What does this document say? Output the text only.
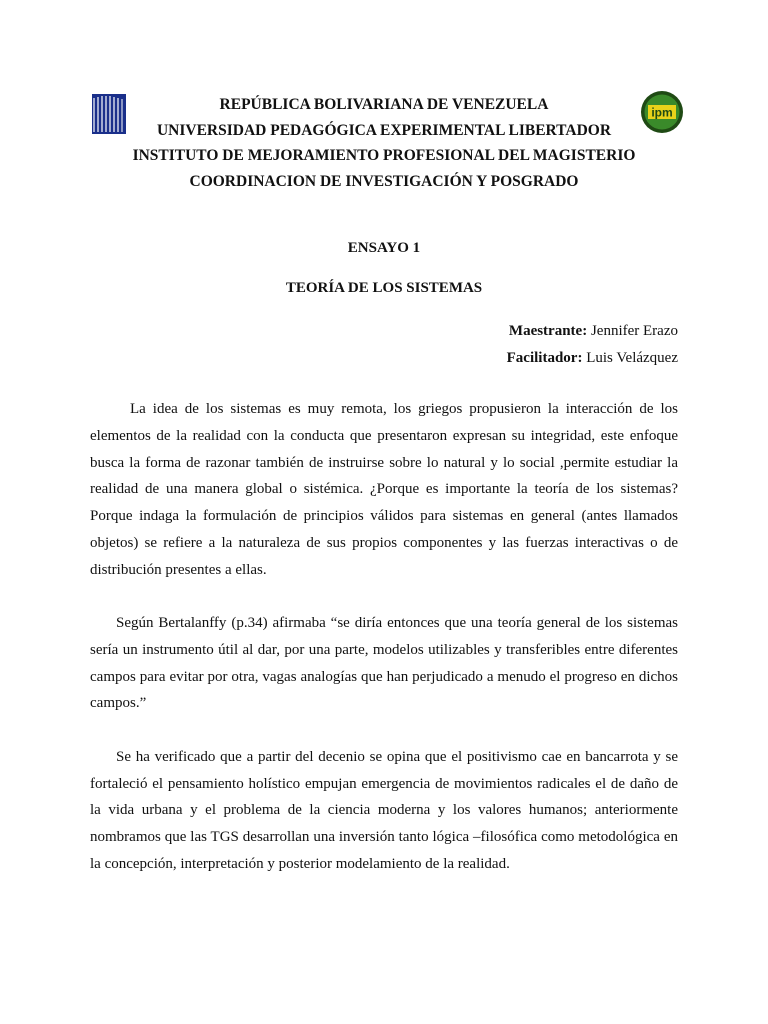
ipm
REPÚBLICA BOLIVARIANA DE VENEZUELA
UNIVERSIDAD PEDAGÓGICA EXPERIMENTAL LIBERTADOR
INSTITUTO DE MEJORAMIENTO PROFESIONAL DEL MAGISTERIO
COORDINACION DE INVESTIGACIÓN Y POSGRADO
ENSAYO 1
TEORÍA DE LOS SISTEMAS
Maestrante: Jennifer Erazo
Facilitador: Luis Velázquez

La idea de los sistemas es muy remota, los griegos propusieron la interacción de los elementos de la realidad con la conducta que presentaron expresan su integridad, este enfoque busca la forma de razonar también de instruirse sobre lo natural y lo social ,permite estudiar la realidad de una manera global o sistémica. ¿Porque es importante la teoría de los sistemas? Porque indaga la formulación de principios válidos para sistemas en general (antes llamados objetos) se refiere a la naturaleza de sus propios componentes y las fuerzas interactivas o de distribución presentes a ellas.

Según Bertalanffy (p.34) afirmaba “se diría entonces que una teoría general de los sistemas sería un instrumento útil al dar, por una parte, modelos utilizables y transferibles entre diferentes campos para evitar por otra, vagas analogías que han perjudicado a menudo el progreso en dichos campos.”

Se ha verificado que a partir del decenio se opina que el positivismo cae en bancarrota y se fortaleció el pensamiento holístico empujan emergencia de movimientos radicales el de daño de la vida urbana y el problema de la ciencia moderna y los valores humanos; anteriormente nombramos que las TGS desarrollan una inversión tanto lógica –filosófica como metodológica en la concepción, interpretación y posterior modelamiento de la realidad.
